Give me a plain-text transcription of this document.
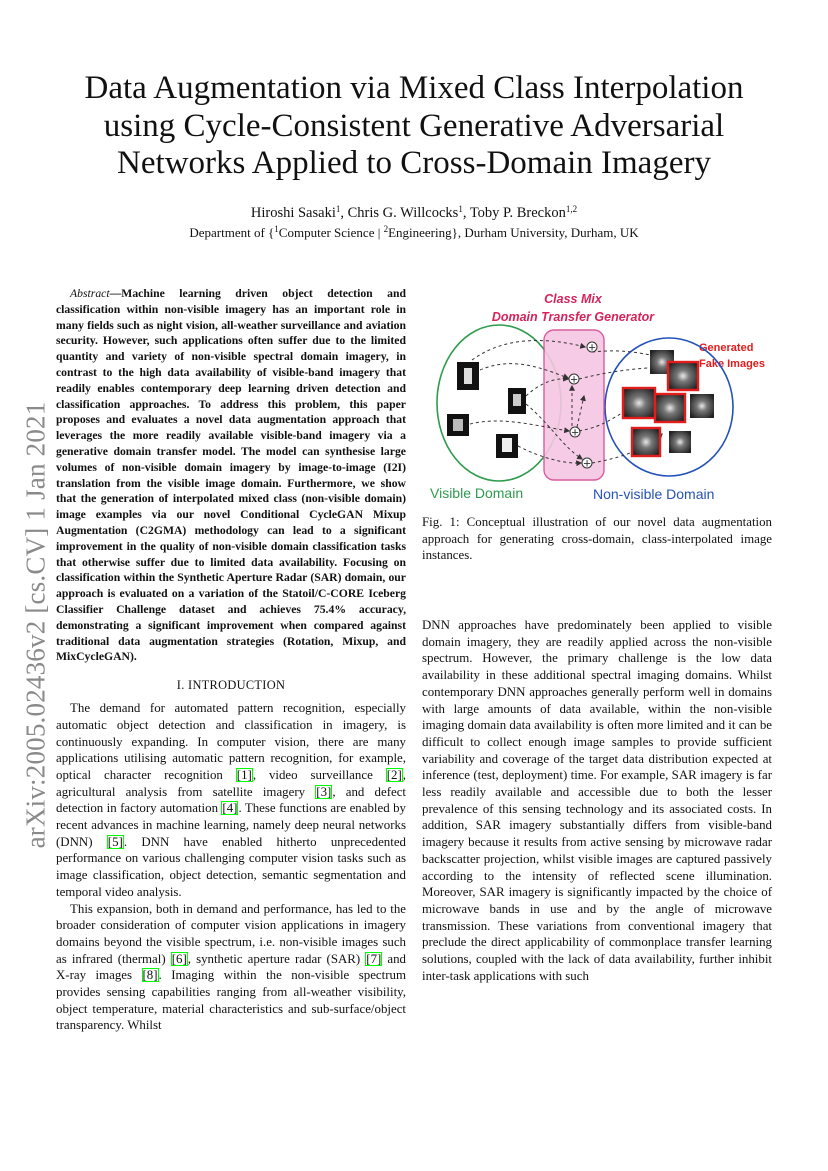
arXiv:2005.02436v2 [cs.CV] 1 Jan 2021
Data Augmentation via Mixed Class Interpolation
using Cycle-Consistent Generative Adversarial
Networks Applied to Cross-Domain Imagery
Hiroshi Sasaki$^1$, Chris G. Willcocks$^1$, Toby P. Breckon$^{1,2}$
Department of {$^1$Computer Science | $^2$Engineering}, Durham University, Durham, UK

Abstract—Machine learning driven object detection and classification within non-visible imagery has an important role in many fields such as night vision, all-weather surveillance and aviation security. However, such applications often suffer due to the limited quantity and variety of non-visible spectral domain imagery, in contrast to the high data availability of visible-band imagery that readily enables contemporary deep learning driven detection and classification approaches. To address this problem, this paper proposes and evaluates a novel data augmentation approach that leverages the more readily available visible-band imagery via a generative domain transfer model. The model can synthesise large volumes of non-visible domain imagery by image-to-image (I2I) translation from the visible image domain. Furthermore, we show that the generation of interpolated mixed class (non-visible domain) image examples via our novel Conditional CycleGAN Mixup Augmentation (C2GMA) methodology can lead to a significant improvement in the quality of non-visible domain classification tasks that otherwise suffer due to limited data availability. Focusing on classification within the Synthetic Aperture Radar (SAR) domain, our approach is evaluated on a variation of the Statoil/C-CORE Iceberg Classifier Challenge dataset and achieves 75.4% accuracy, demonstrating a significant improvement when compared against traditional data augmentation strategies (Rotation, Mixup, and MixCycleGAN).

I. INTRODUCTION

The demand for automated pattern recognition, especially automatic object detection and classification in imagery, is continuously expanding. In computer vision, there are many applications utilising automatic pattern recognition, for example, optical character recognition [1], video surveillance [2], agricultural analysis from satellite imagery [3], and defect detection in factory automation [4]. These functions are enabled by recent advances in machine learning, namely deep neural networks (DNN) [5]. DNN have enabled hitherto unprecedented performance on various challenging computer vision tasks such as image classification, object detection, semantic segmentation and temporal video analysis.

This expansion, both in demand and performance, has led to the broader consideration of computer vision applications in imagery domains beyond the visible spectrum, i.e. non-visible images such as infrared (thermal) [6], synthetic aperture radar (SAR) [7] and X-ray images [8]. Imaging within the non-visible spectrum provides sensing capabilities ranging from all-weather visibility, object temperature, material characteristics and sub-surface/object transparency. Whilst

Class Mix
Domain Transfer Generator
Generated
Fake Images
+
+
+
+
Visible Domain	Non-visible Domain

Fig. 1: Conceptual illustration of our novel data augmentation approach for generating cross-domain, class-interpolated image instances.

DNN approaches have predominately been applied to visible domain imagery, they are readily applied across the non-visible spectrum. However, the primary challenge is the low data availability in these additional spectral imaging domains. Whilst contemporary DNN approaches generally perform well in domains with large amounts of data available, within the non-visible imaging domain data availability is often more limited and it can be difficult to collect enough image samples to provide sufficient variability and coverage of the target data distribution expected at inference (test, deployment) time. For example, SAR imagery is far less readily available and accessible due to both the lesser prevalence of this sensing technology and its associated costs. In addition, SAR imagery substantially differs from visible-band imagery because it results from active sensing by microwave radar backscatter projection, whilst visible images are captured passively according to the intensity of reflected scene illumination. Moreover, SAR imagery is significantly impacted by the choice of microwave bands in use and by the angle of microwave transmission. These variations from conventional imagery that preclude the direct applicability of commonplace transfer learning solutions, coupled with the lack of data availability, further inhibit inter-task applications with such
